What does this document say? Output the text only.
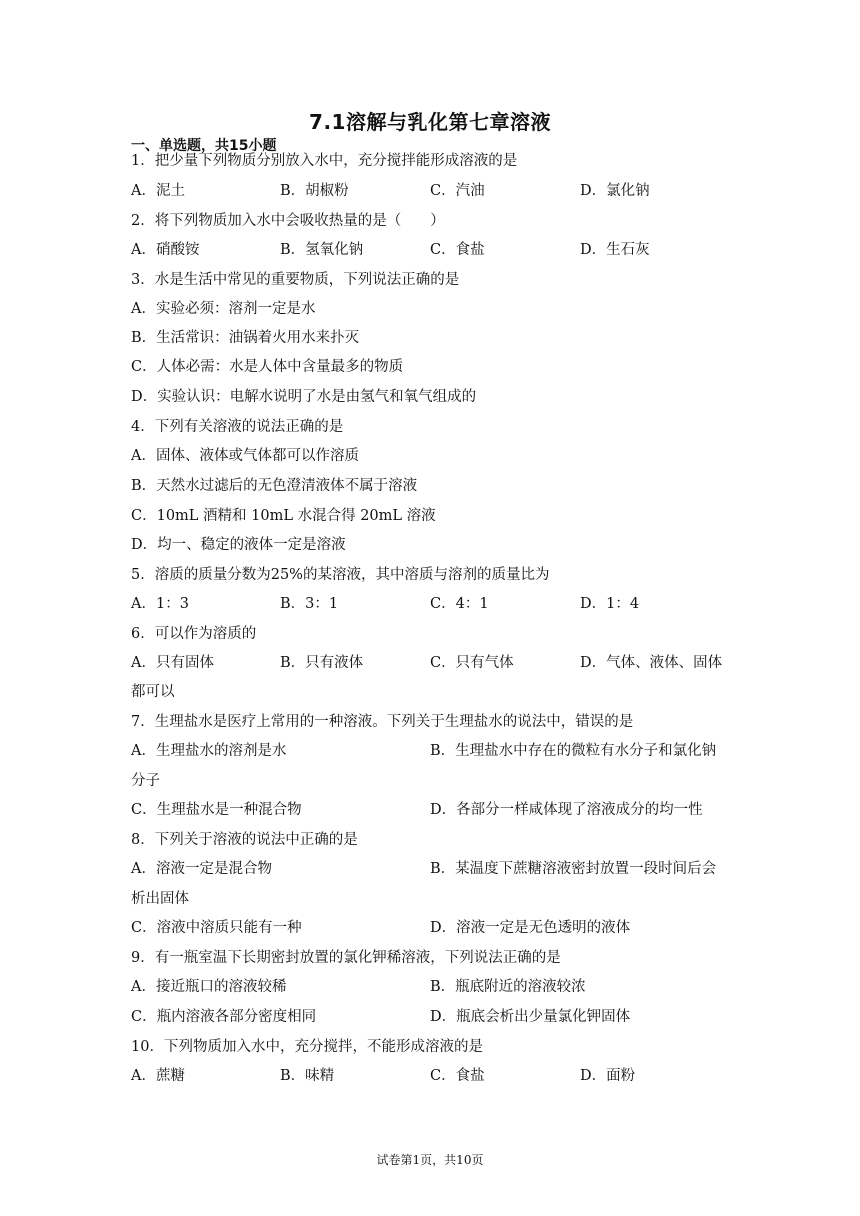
7.1溶解与乳化第七章溶液
一、单选题，共15小题
1．把少量下列物质分别放入水中，充分搅拌能形成溶液的是
A．泥土	B．胡椒粉	C．汽油	D．氯化钠
2．将下列物质加入水中会吸收热量的是（　　）
A．硝酸铵	B．氢氧化钠	C．食盐	D．生石灰
3．水是生活中常见的重要物质，下列说法正确的是
A．实验必须：溶剂一定是水
B．生活常识：油锅着火用水来扑灭
C．人体必需：水是人体中含量最多的物质
D．实验认识：电解水说明了水是由氢气和氧气组成的
4．下列有关溶液的说法正确的是
A．固体、液体或气体都可以作溶质
B．天然水过滤后的无色澄清液体不属于溶液
C．10mL 酒精和 10mL 水混合得 20mL 溶液
D．均一、稳定的液体一定是溶液
5．溶质的质量分数为25%的某溶液，其中溶质与溶剂的质量比为
A．1：3	B．3：1	C．4：1	D．1：4
6．可以作为溶质的
A．只有固体	B．只有液体	C．只有气体	D．气体、液体、固体
都可以
7．生理盐水是医疗上常用的一种溶液。下列关于生理盐水的说法中，错误的是
A．生理盐水的溶剂是水	B．生理盐水中存在的微粒有水分子和氯化钠
分子
C．生理盐水是一种混合物	D．各部分一样咸体现了溶液成分的均一性
8．下列关于溶液的说法中正确的是
A．溶液一定是混合物	B．某温度下蔗糖溶液密封放置一段时间后会
析出固体
C．溶液中溶质只能有一种	D．溶液一定是无色透明的液体
9．有一瓶室温下长期密封放置的氯化钾稀溶液，下列说法正确的是
A．接近瓶口的溶液较稀	B．瓶底附近的溶液较浓
C．瓶内溶液各部分密度相同	D．瓶底会析出少量氯化钾固体
10．下列物质加入水中，充分搅拌，不能形成溶液的是
A．蔗糖	B．味精	C．食盐	D．面粉
试卷第1页，共10页
